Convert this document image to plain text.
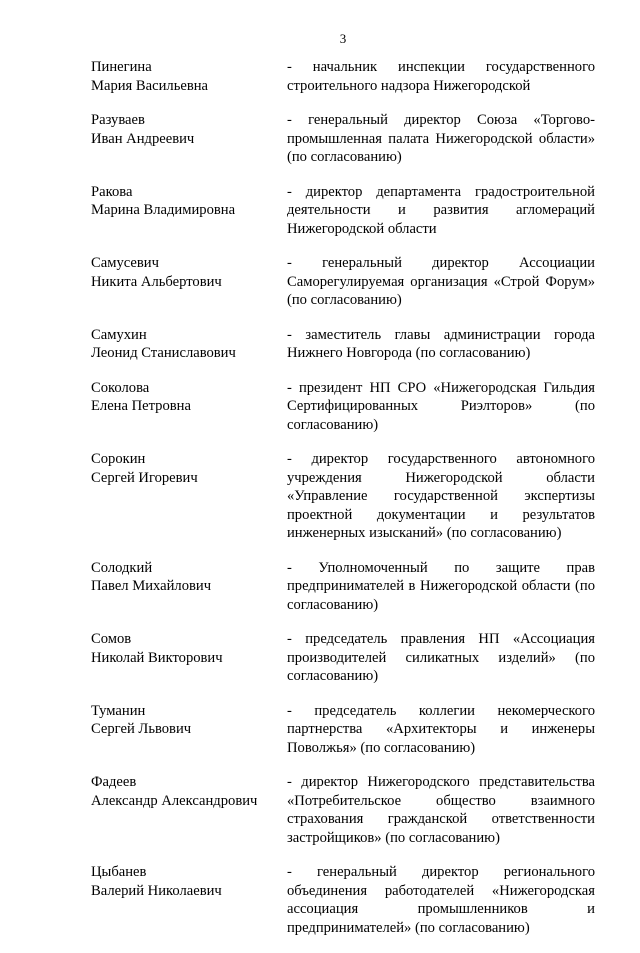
3
Пинегина
Мария Васильевна
- начальник инспекции государственного строительного надзора Нижегородской
Разуваев
Иван Андреевич
- генеральный директор Союза «Торгово-промышленная палата Нижегородской области» (по согласованию)
Ракова
Марина Владимировна
- директор департамента градостроительной деятельности и развития агломераций Нижегородской области
Самусевич
Никита Альбертович
- генеральный директор Ассоциации Саморегулируемая организация «Строй Форум» (по согласованию)
Самухин
Леонид Станиславович
- заместитель главы администрации города Нижнего Новгорода (по согласованию)
Соколова
Елена Петровна
- президент НП СРО «Нижегородская Гильдия Сертифицированных Риэлторов» (по согласованию)
Сорокин
Сергей Игоревич
- директор государственного автономного учреждения Нижегородской области «Управление государственной экспертизы проектной документации и результатов инженерных изысканий» (по согласованию)
Солодкий
Павел Михайлович
- Уполномоченный по защите прав предпринимателей в Нижегородской области (по согласованию)
Сомов
Николай Викторович
- председатель правления НП «Ассоциация производителей силикатных изделий» (по согласованию)
Туманин
Сергей Львович
- председатель коллегии некомерческого партнерства «Архитекторы и инженеры Поволжья» (по согласованию)
Фадеев
Александр Александрович
- директор Нижегородского представительства «Потребительское общество взаимного страхования гражданской ответственности застройщиков» (по согласованию)
Цыбанев
Валерий Николаевич
- генеральный директор регионального объединения работодателей «Нижегородская ассоциация промышленников и предпринимателей» (по согласованию)
